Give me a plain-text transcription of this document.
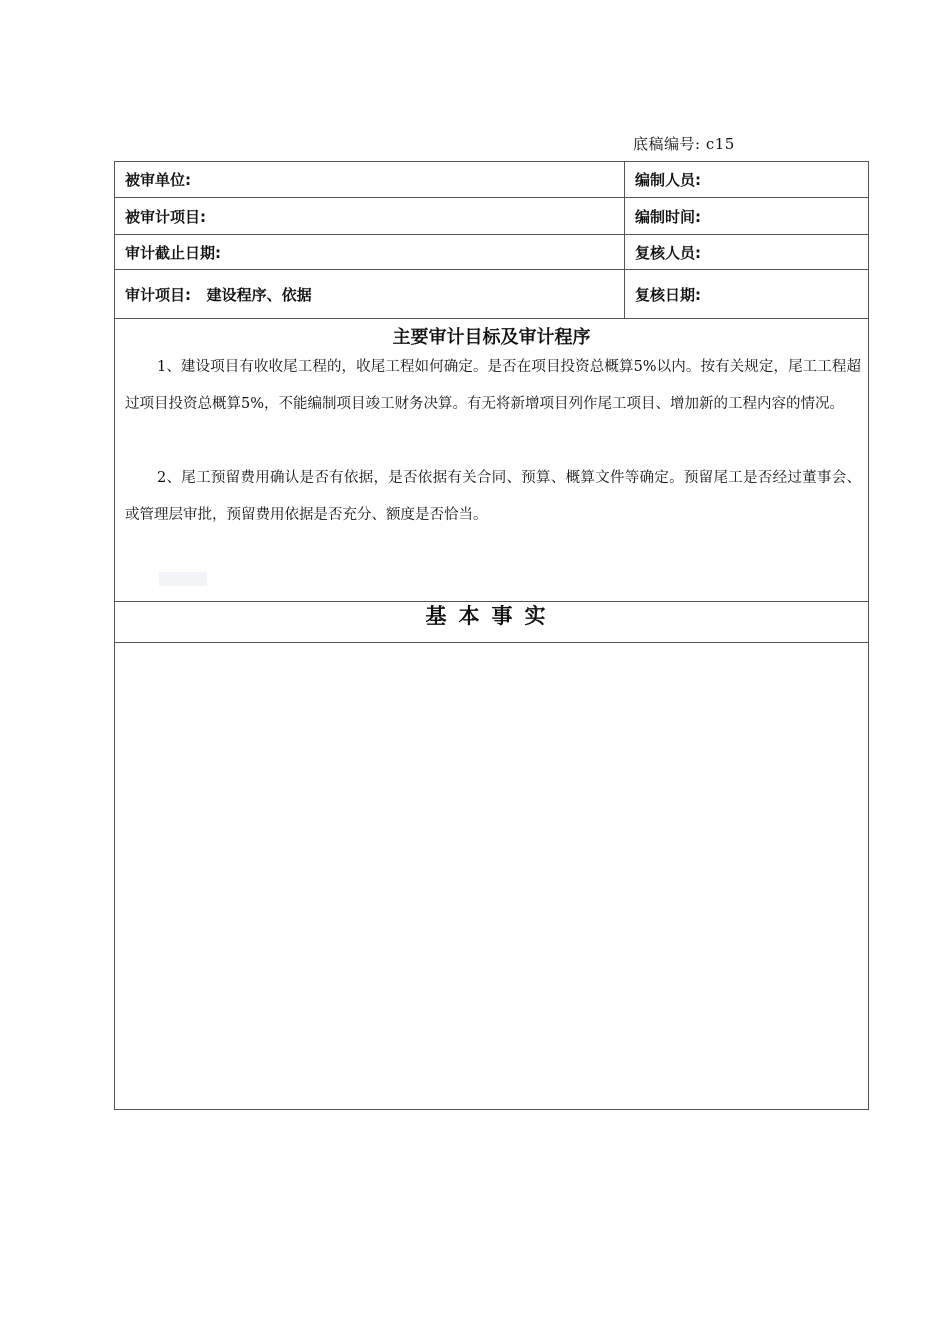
底稿编号: c15
被审单位:	编制人员:
被审计项目:	编制时间:
审计截止日期:	复核人员:
审计项目:   建设程序、依据	复核日期:
主要审计目标及审计程序
1、建设项目有收收尾工程的，收尾工程如何确定。是否在项目投资总概算5%以内。按有关规定，尾工工程超过项目投资总概算5%，不能编制项目竣工财务决算。有无将新增项目列作尾工项目、增加新的工程内容的情况。
2、尾工预留费用确认是否有依据，是否依据有关合同、预算、概算文件等确定。预留尾工是否经过董事会、或管理层审批，预留费用依据是否充分、额度是否恰当。
基本事实
